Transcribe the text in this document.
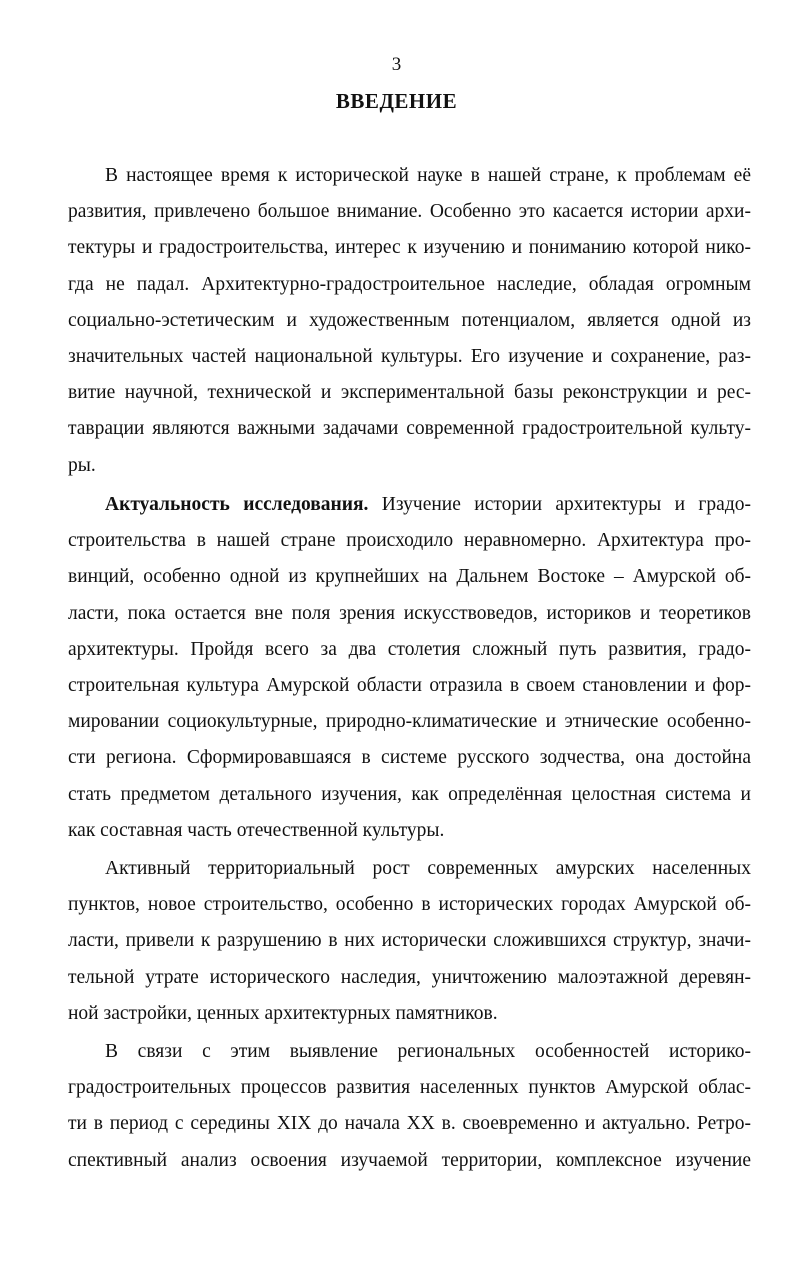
3
ВВЕДЕНИЕ

В настоящее время к исторической науке в нашей стране, к проблемам её
развития, привлечено большое внимание. Особенно это касается истории архи-
тектуры и градостроительства, интерес к изучению и пониманию которой нико-
гда не падал. Архитектурно-градостроительное наследие, обладая огромным
социально-эстетическим и художественным потенциалом, является одной из
значительных частей национальной культуры. Его изучение и сохранение, раз-
витие научной, технической и экспериментальной базы реконструкции и рес-
таврации являются важными задачами современной градостроительной культу-
ры.

Актуальность исследования. Изучение истории архитектуры и градо-
строительства в нашей стране происходило неравномерно. Архитектура про-
винций, особенно одной из крупнейших на Дальнем Востоке – Амурской об-
ласти, пока остается вне поля зрения искусствоведов, историков и теоретиков
архитектуры. Пройдя всего за два столетия сложный путь развития, градо-
строительная культура Амурской области отразила в своем становлении и фор-
мировании социокультурные, природно-климатические и этнические особенно-
сти региона. Сформировавшаяся в системе русского зодчества, она достойна
стать предметом детального изучения, как определённая целостная система и
как составная часть отечественной культуры.

Активный территориальный рост современных амурских населенных
пунктов, новое строительство, особенно в исторических городах Амурской об-
ласти, привели к разрушению в них исторически сложившихся структур, значи-
тельной утрате исторического наследия, уничтожению малоэтажной деревян-
ной застройки, ценных архитектурных памятников.

В связи с этим выявление региональных особенностей историко-
градостроительных процессов развития населенных пунктов Амурской облас-
ти в период с середины XIX до начала XX в. своевременно и актуально. Ретро-
спективный анализ освоения изучаемой территории, комплексное изучение
